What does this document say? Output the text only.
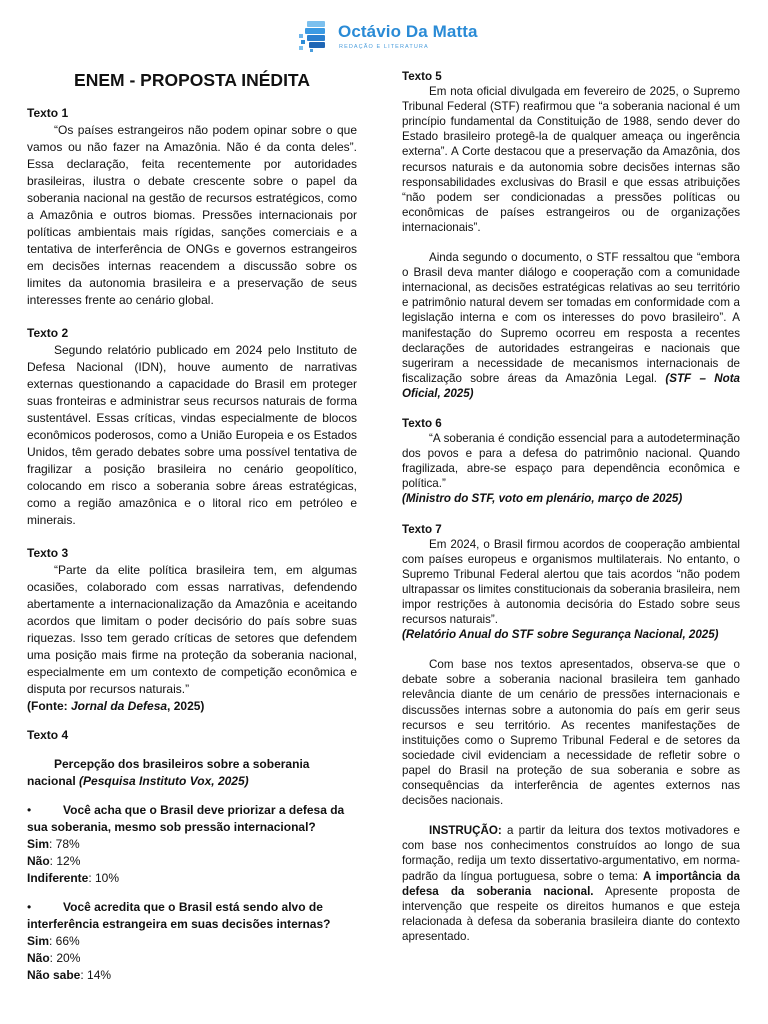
Octávio Da Matta
REDAÇÃO E LITERATURA
ENEM - PROPOSTA INÉDITA

Texto 1

“Os países estrangeiros não podem opinar sobre o que vamos ou não fazer na Amazônia. Não é da conta deles”. Essa declaração, feita recentemente por autoridades brasileiras, ilustra o debate crescente sobre o papel da soberania nacional na gestão de recursos estratégicos, como a Amazônia e outros biomas. Pressões internacionais por políticas ambientais mais rígidas, sanções comerciais e a tentativa de interferência de ONGs e governos estrangeiros em decisões internas reacendem a discussão sobre os limites da autonomia brasileira e a preservação de seus interesses frente ao cenário global.

Texto 2

Segundo relatório publicado em 2024 pelo Instituto de Defesa Nacional (IDN), houve aumento de narrativas externas questionando a capacidade do Brasil em proteger suas fronteiras e administrar seus recursos naturais de forma sustentável. Essas críticas, vindas especialmente de blocos econômicos poderosos, como a União Europeia e os Estados Unidos, têm gerado debates sobre uma possível tentativa de fragilizar a posição brasileira no cenário geopolítico, colocando em risco a soberania sobre áreas estratégicas, como a região amazônica e o litoral rico em petróleo e minerais.

Texto 3

“Parte da elite política brasileira tem, em algumas ocasiões, colaborado com essas narrativas, defendendo abertamente a internacionalização da Amazônia e aceitando acordos que limitam o poder decisório do país sobre suas riquezas. Isso tem gerado críticas de setores que defendem uma posição mais firme na proteção da soberania nacional, especialmente em um contexto de competição econômica e disputa por recursos naturais.”

(Fonte: Jornal da Defesa, 2025)

Texto 4

Percepção dos brasileiros sobre a soberania nacional (Pesquisa Instituto Vox, 2025)

•	Você acha que o Brasil deve priorizar a defesa da sua soberania, mesmo sob pressão internacional?

Sim: 78%

Não: 12%

Indiferente: 10%

•	Você acredita que o Brasil está sendo alvo de interferência estrangeira em suas decisões internas?

Sim: 66%

Não: 20%

Não sabe: 14%

Texto 5

Em nota oficial divulgada em fevereiro de 2025, o Supremo Tribunal Federal (STF) reafirmou que “a soberania nacional é um princípio fundamental da Constituição de 1988, sendo dever do Estado brasileiro protegê-la de qualquer ameaça ou ingerência externa”. A Corte destacou que a preservação da Amazônia, dos recursos naturais e da autonomia sobre decisões internas são responsabilidades exclusivas do Brasil e que essas atribuições “não podem ser condicionadas a pressões políticas ou econômicas de países estrangeiros ou de organizações internacionais”.

Ainda segundo o documento, o STF ressaltou que “embora o Brasil deva manter diálogo e cooperação com a comunidade internacional, as decisões estratégicas relativas ao seu território e patrimônio natural devem ser tomadas em conformidade com a legislação interna e com os interesses do povo brasileiro”. A manifestação do Supremo ocorreu em resposta a recentes declarações de autoridades estrangeiras e nacionais que sugeriram a necessidade de mecanismos internacionais de fiscalização sobre áreas da Amazônia Legal. (STF – Nota Oficial, 2025)

Texto 6

“A soberania é condição essencial para a autodeterminação dos povos e para a defesa do patrimônio nacional. Quando fragilizada, abre-se espaço para dependência econômica e política.”

(Ministro do STF, voto em plenário, março de 2025)

Texto 7

Em 2024, o Brasil firmou acordos de cooperação ambiental com países europeus e organismos multilaterais. No entanto, o Supremo Tribunal Federal alertou que tais acordos “não podem ultrapassar os limites constitucionais da soberania brasileira, nem impor restrições à autonomia decisória do Estado sobre seus recursos naturais”.

(Relatório Anual do STF sobre Segurança Nacional, 2025)

Com base nos textos apresentados, observa-se que o debate sobre a soberania nacional brasileira tem ganhado relevância diante de um cenário de pressões internacionais e discussões internas sobre a autonomia do país em gerir seus recursos e seu território. As recentes manifestações de instituições como o Supremo Tribunal Federal e de setores da sociedade civil evidenciam a necessidade de refletir sobre o papel do Brasil na proteção de sua soberania e sobre as consequências da interferência de agentes externos nas decisões nacionais.

INSTRUÇÃO: a partir da leitura dos textos motivadores e com base nos conhecimentos construídos ao longo de sua formação, redija um texto dissertativo-argumentativo, em norma-padrão da língua portuguesa, sobre o tema: A importância da defesa da soberania nacional. Apresente proposta de intervenção que respeite os direitos humanos e que esteja relacionada à defesa da soberania brasileira diante do contexto apresentado.
